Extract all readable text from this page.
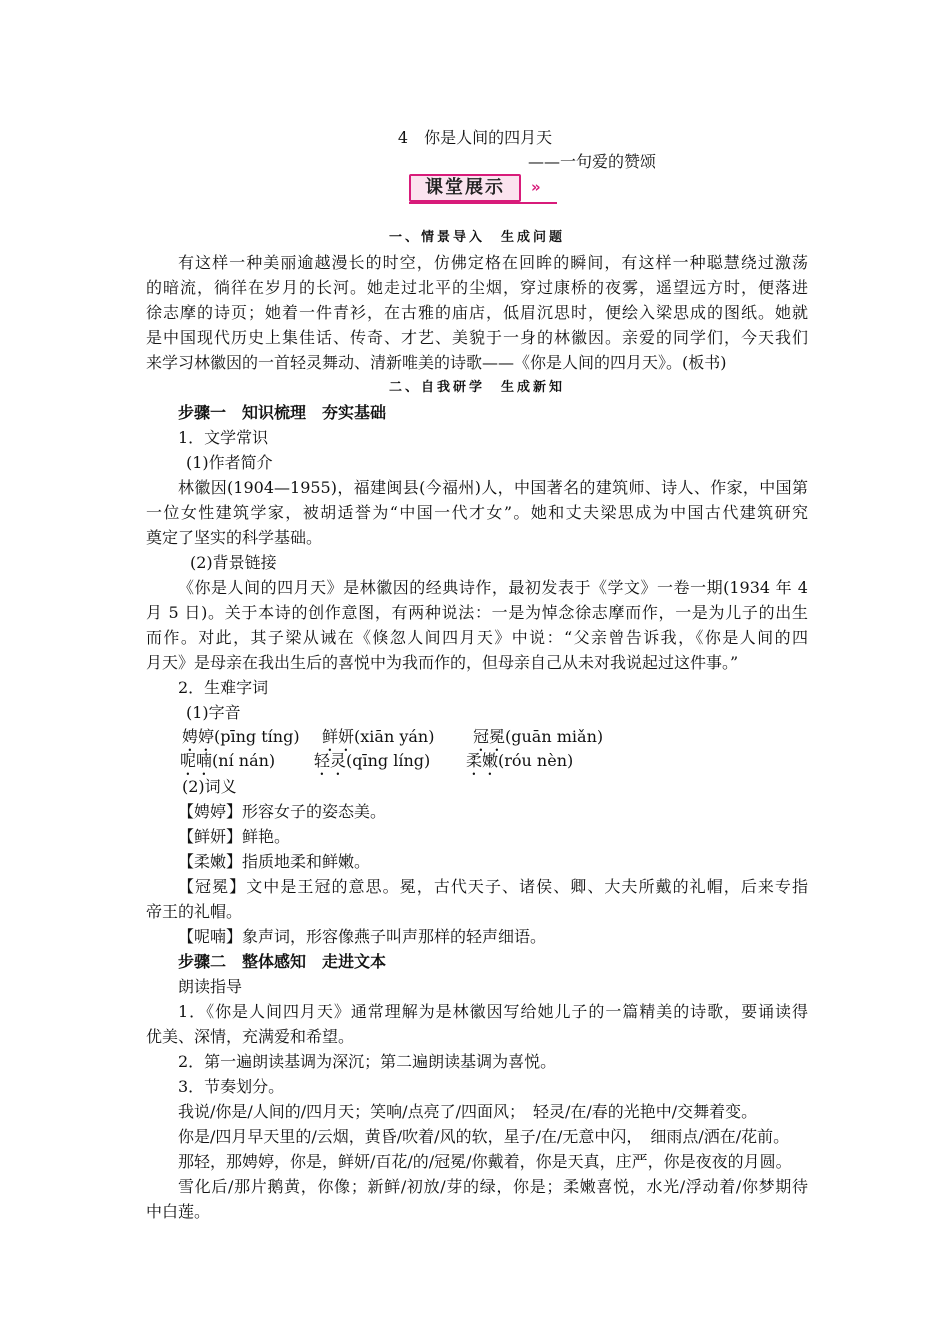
4　你是人间的四月天
——一句爱的赞颂
课堂展示	»
一、情景导入　生成问题
有这样一种美丽逾越漫长的时空，仿佛定格在回眸的瞬间，有这样一种聪慧绕过激荡
的暗流，徜徉在岁月的长河。她走过北平的尘烟，穿过康桥的夜雾，遥望远方时，便落进
徐志摩的诗页；她着一件青衫，在古雅的庙店，低眉沉思时，便绘入梁思成的图纸。她就
是中国现代历史上集佳话、传奇、才艺、美貌于一身的林徽因。亲爱的同学们，今天我们
来学习林徽因的一首轻灵舞动、清新唯美的诗歌——《你是人间的四月天》。(板书)
二、自我研学　生成新知
步骤一　知识梳理　夯实基础
1．文学常识
(1)作者简介
林徽因(1904—1955)，福建闽县(今福州)人，中国著名的建筑师、诗人、作家，中国第
一位女性建筑学家，被胡适誉为“中国一代才女”。她和丈夫梁思成为中国古代建筑研究
奠定了坚实的科学基础。
(2)背景链接
《你是人间的四月天》是林徽因的经典诗作，最初发表于《学文》一卷一期(1934 年 4
月 5 日)。关于本诗的创作意图，有两种说法：一是为悼念徐志摩而作，一是为儿子的出生
而作。对此，其子梁从诫在《倏忽人间四月天》中说：“父亲曾告诉我，《你是人间的四
月天》是母亲在我出生后的喜悦中为我而作的，但母亲自己从未对我说起过这件事。”
2．生难字词
(1)字音
娉婷(pīng tíng) 鲜妍(xiān yán) 冠冕(guān miǎn)
呢喃(ní nán) 轻灵(qīng líng) 柔嫩(róu nèn)
(2)词义
【娉婷】形容女子的姿态美。
【鲜妍】鲜艳。
【柔嫩】指质地柔和鲜嫩。
【冠冕】文中是王冠的意思。冕，古代天子、诸侯、卿、大夫所戴的礼帽，后来专指
帝王的礼帽。
【呢喃】象声词，形容像燕子叫声那样的轻声细语。
步骤二　整体感知　走进文本
朗读指导
1．《你是人间四月天》通常理解为是林徽因写给她儿子的一篇精美的诗歌，要诵读得
优美、深情，充满爱和希望。
2．第一遍朗读基调为深沉；第二遍朗读基调为喜悦。
3．节奏划分。
我说/你是/人间的/四月天；笑响/点亮了/四面风；　轻灵/在/春的光艳中/交舞着变。
你是/四月早天里的/云烟，黄昏/吹着/风的软，星子/在/无意中闪，　细雨点/洒在/花前。
那轻，那娉婷，你是，鲜妍/百花/的/冠冕/你戴着，你是天真，庄严，你是夜夜的月圆。
雪化后/那片鹅黄，你像；新鲜/初放/芽的绿，你是；柔嫩喜悦，水光/浮动着/你梦期待
中白莲。
